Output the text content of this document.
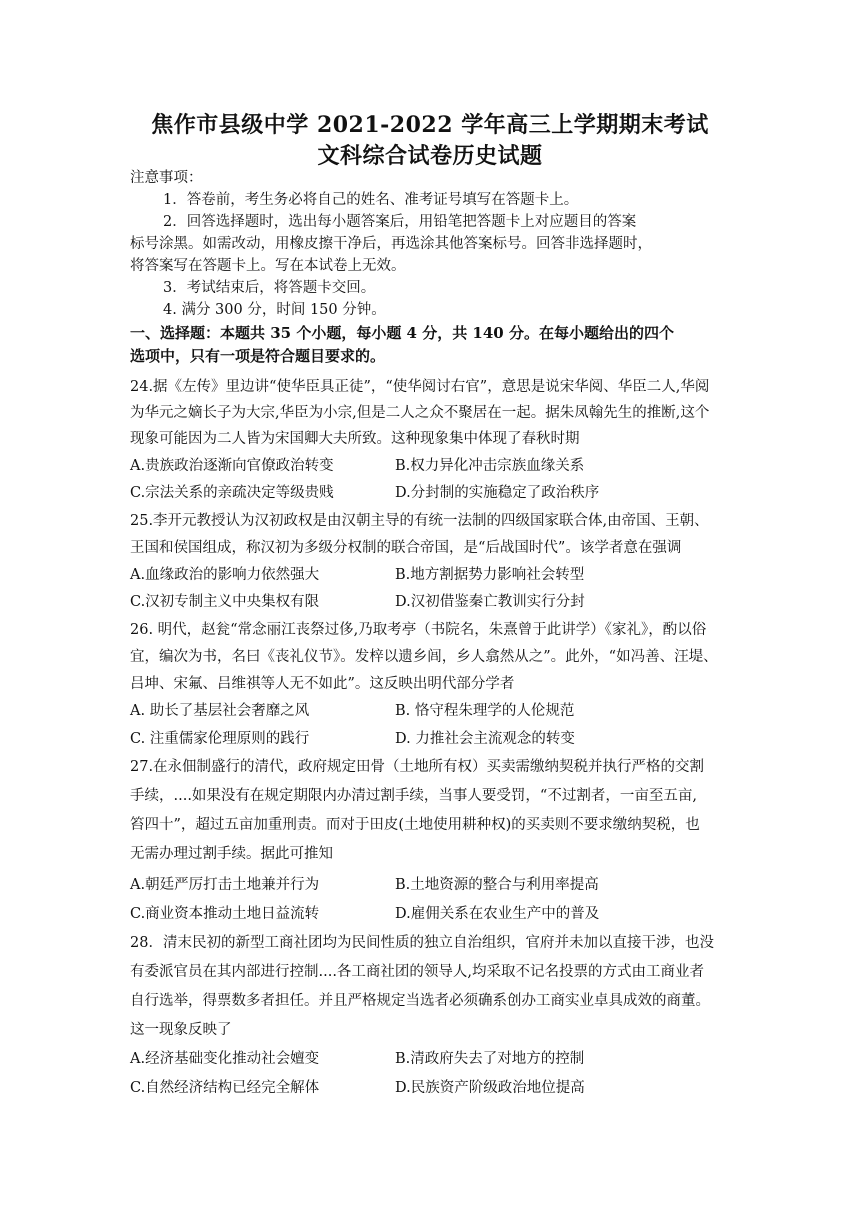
焦作市县级中学 2021-2022 学年高三上学期期末考试
文科综合试卷历史试题
注意事项：
1．答卷前，考生务必将自己的姓名、准考证号填写在答题卡上。
2．回答选择题时，选出每小题答案后，用铅笔把答题卡上对应题目的答案
标号涂黑。如需改动，用橡皮擦干净后，再选涂其他答案标号。回答非选择题时，
将答案写在答题卡上。写在本试卷上无效。
3．考试结束后，将答题卡交回。
4. 满分 300 分，时间 150 分钟。
一、选择题：本题共 35 个小题，每小题 4 分，共 140 分。在每小题给出的四个
选项中，只有一项是符合题目要求的。
24.据《左传》里边讲“使华臣具正徒”，“使华阅讨右官”，意思是说宋华阅、华臣二人,华阅
为华元之嫡长子为大宗,华臣为小宗,但是二人之众不聚居在一起。据朱凤翰先生的推断,这个
现象可能因为二人皆为宋国卿大夫所致。这种现象集中体现了春秋时期
A.贵族政治逐渐向官僚政治转变	B.权力异化冲击宗族血缘关系
C.宗法关系的亲疏决定等级贵贱	D.分封制的实施稳定了政治秩序
25.李开元教授认为汉初政权是由汉朝主导的有统一法制的四级国家联合体,由帝国、王朝、
王国和侯国组成，称汉初为多级分权制的联合帝国，是“后战国时代”。该学者意在强调
A.血缘政治的影响力依然强大	B.地方割据势力影响社会转型
C.汉初专制主义中央集权有限	D.汉初借鉴秦亡教训实行分封
26. 明代，赵瓮“常念丽江丧祭过侈,乃取考亭（书院名，朱熹曾于此讲学）《家礼》，酌以俗
宜，编次为书，名曰《丧礼仪节》。发梓以遗乡闾，乡人翕然从之”。此外，“如冯善、汪堤、
吕坤、宋氟、吕维祺等人无不如此”。这反映出明代部分学者
A. 助长了基层社会奢靡之风	B. 恪守程朱理学的人伦规范
C. 注重儒家伦理原则的践行	D. 力推社会主流观念的转变
27.在永佃制盛行的清代，政府规定田骨（土地所有权）买卖需缴纳契税并执行严格的交割
手续，....如果没有在规定期限内办清过割手续，当事人要受罚，“不过割者，一亩至五亩,
笞四十”，超过五亩加重刑责。而对于田皮(土地使用耕种权)的买卖则不要求缴纳契税，也
无需办理过割手续。据此可推知
A.朝廷严厉打击土地兼并行为	B.土地资源的整合与利用率提高
C.商业资本推动土地日益流转	D.雇佣关系在农业生产中的普及
28．清末民初的新型工商社团均为民间性质的独立自治组织，官府并未加以直接干涉，也没
有委派官员在其内部进行控制....各工商社团的领导人,均采取不记名投票的方式由工商业者
自行选举，得票数多者担任。并且严格规定当选者必须确系创办工商实业卓具成效的商董。
这一现象反映了
A.经济基础变化推动社会嬗变	B.清政府失去了对地方的控制
C.自然经济结构已经完全解体	D.民族资产阶级政治地位提高
